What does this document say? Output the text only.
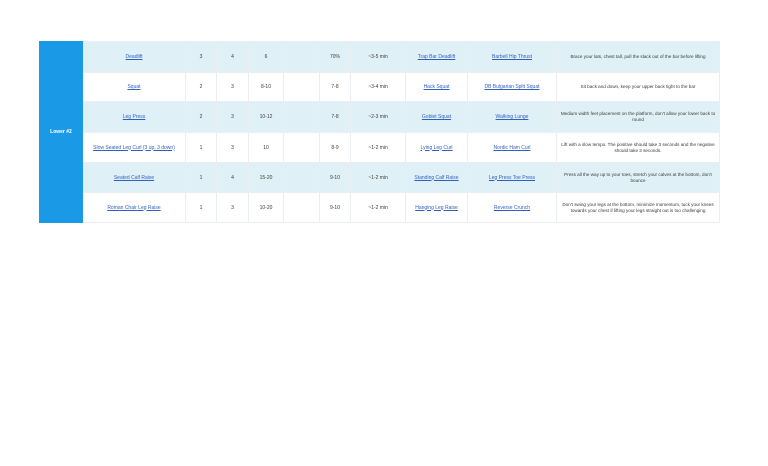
Lower #2	Deadlift	3	4	6		70%	~3-5 min	Trap Bar Deadlift	Barbell Hip Thrust	Brace your lats, chest tall, pull the slack out of the bar before lifting
	Squat	2	3	8-10		7-8	~3-4 min	Hack Squat	DB Bulgarian Split Squat	Sit back and down, keep your upper back tight to the bar
	Leg Press	2	3	10-12		7-8	~2-3 min	Goblet Squat	Walking Lunge	Medium width feet placement on the platform, don't allow your lower back to round
	Slow Seated Leg Curl (3 up, 3 down)	1	3	10		8-9	~1-2 min	Lying Leg Curl	Nordic Ham Curl	Lift with a slow tempo. The positive should take 3 seconds and the negative should take 3 seconds.
	Seated Calf Raise	1	4	15-20		9-10	~1-2 min	Standing Calf Raise	Leg Press Toe Press	Press all the way up to your toes, stretch your calves at the bottom, don't bounce
	Roman Chair Leg Raise	1	3	10-20		9-10	~1-2 min	Hanging Leg Raise	Reverse Crunch	Don't swing your legs at the bottom, minimize momentum, tuck your knees towards your chest if lifting your legs straight out is too challenging
